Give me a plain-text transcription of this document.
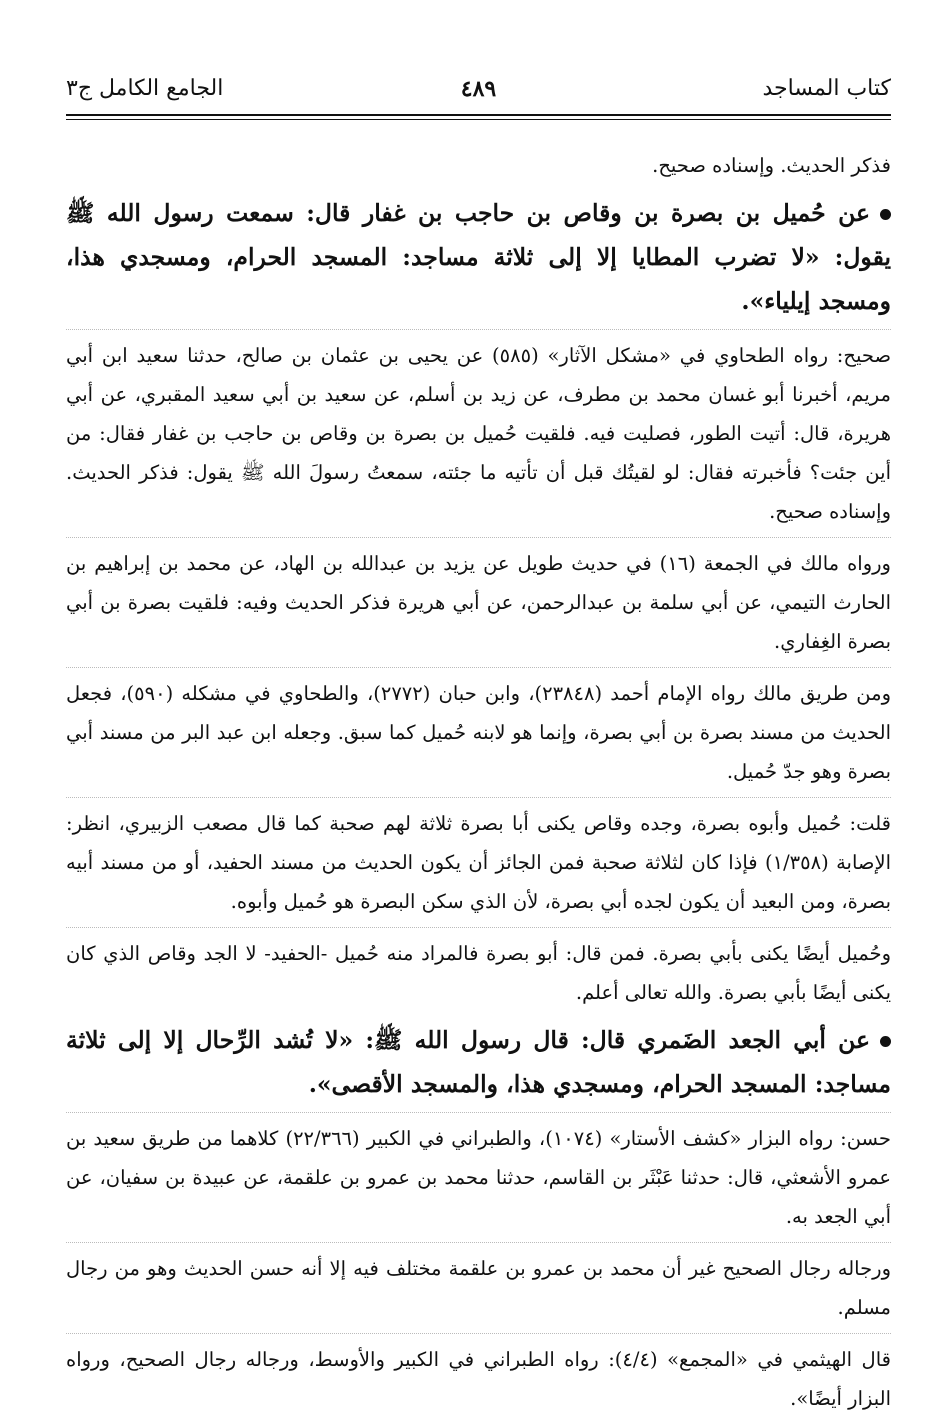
كتاب المساجد
٤٨٩
الجامع الكامل ج٣

فذكر الحديث. وإسناده صحيح.

عن حُميل بن بصرة بن وقاص بن حاجب بن غفار قال: سمعت رسول الله ﷺ يقول: «لا تضرب المطايا إلا إلى ثلاثة مساجد: المسجد الحرام، ومسجدي هذا، ومسجد إيلياء».

صحيح: رواه الطحاوي في «مشكل الآثار» (٥٨٥) عن يحيى بن عثمان بن صالح، حدثنا سعيد ابن أبي مريم، أخبرنا أبو غسان محمد بن مطرف، عن زيد بن أسلم، عن سعيد بن أبي سعيد المقبري، عن أبي هريرة، قال: أتيت الطور، فصليت فيه. فلقيت حُميل بن بصرة بن وقاص بن حاجب بن غفار فقال: من أين جئت؟ فأخبرته فقال: لو لقيتُك قبل أن تأتيه ما جئته، سمعتُ رسولَ الله ﷺ يقول: فذكر الحديث. وإسناده صحيح.

ورواه مالك في الجمعة (١٦) في حديث طويل عن يزيد بن عبدالله بن الهاد، عن محمد بن إبراهيم بن الحارث التيمي، عن أبي سلمة بن عبدالرحمن، عن أبي هريرة فذكر الحديث وفيه: فلقيت بصرة بن أبي بصرة الغِفاري.

ومن طريق مالك رواه الإمام أحمد (٢٣٨٤٨)، وابن حبان (٢٧٧٢)، والطحاوي في مشكله (٥٩٠)، فجعل الحديث من مسند بصرة بن أبي بصرة، وإنما هو لابنه حُميل كما سبق. وجعله ابن عبد البر من مسند أبي بصرة وهو جدّ حُميل.

قلت: حُميل وأبوه بصرة، وجده وقاص يكنى أبا بصرة ثلاثة لهم صحبة كما قال مصعب الزبيري، انظر: الإصابة (١/٣٥٨) فإذا كان لثلاثة صحبة فمن الجائز أن يكون الحديث من مسند الحفيد، أو من مسند أبيه بصرة، ومن البعيد أن يكون لجده أبي بصرة، لأن الذي سكن البصرة هو حُميل وأبوه.

وحُميل أيضًا يكنى بأبي بصرة. فمن قال: أبو بصرة فالمراد منه حُميل -الحفيد- لا الجد وقاص الذي كان يكنى أيضًا بأبي بصرة. والله تعالى أعلم.

عن أبي الجعد الضَمري قال: قال رسول الله ﷺ: «لا تُشد الرِّحال إلا إلى ثلاثة مساجد: المسجد الحرام، ومسجدي هذا، والمسجد الأقصى».

حسن: رواه البزار «كشف الأستار» (١٠٧٤)، والطبراني في الكبير (٢٢/٣٦٦) كلاهما من طريق سعيد بن عمرو الأشعثي، قال: حدثنا عَبْثَر بن القاسم، حدثنا محمد بن عمرو بن علقمة، عن عبيدة بن سفيان، عن أبي الجعد به.

ورجاله رجال الصحيح غير أن محمد بن عمرو بن علقمة مختلف فيه إلا أنه حسن الحديث وهو من رجال مسلم.

قال الهيثمي في «المجمع» (٤/٤): رواه الطبراني في الكبير والأوسط، ورجاله رجال الصحيح، ورواه البزار أيضًا».
